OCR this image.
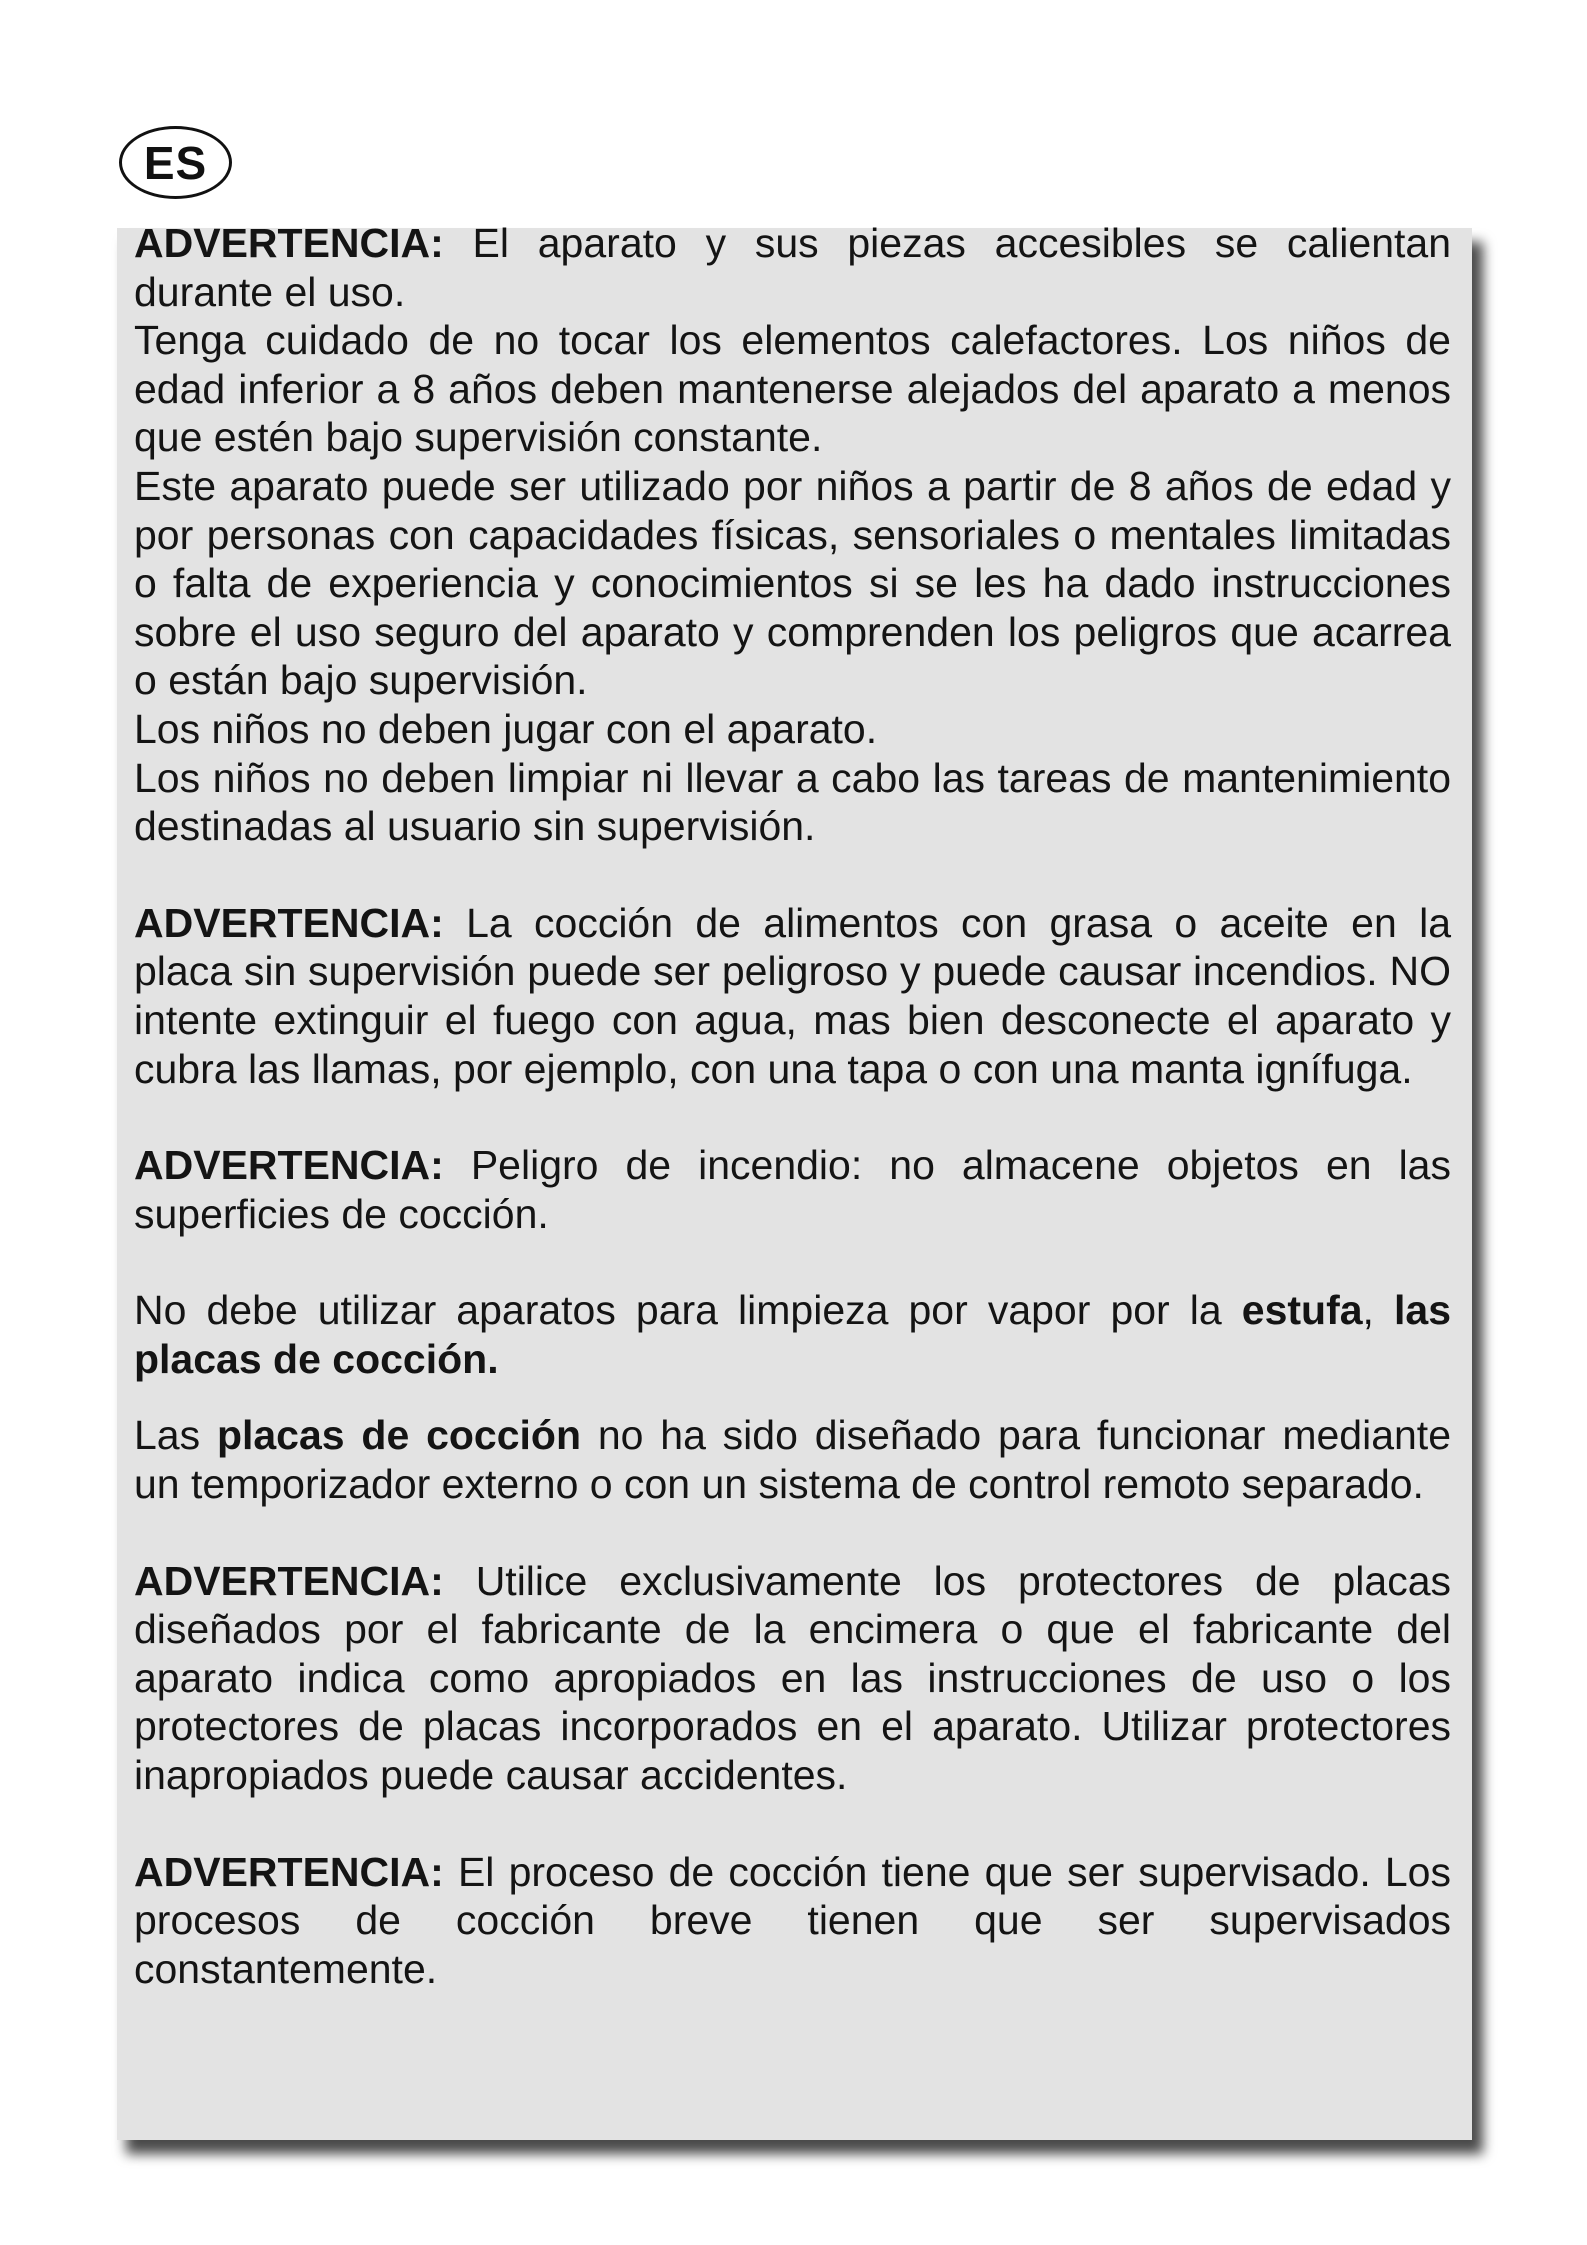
ES

ADVERTENCIA: El aparato y sus piezas accesibles se calientan durante el uso.

Tenga cuidado de no tocar los elementos calefactores. Los niños de edad inferior a 8 años deben mantenerse alejados del aparato a menos que estén bajo supervisión constante.

Este aparato puede ser utilizado por niños a partir de 8 años de edad y por personas con capacidades físicas, sensoriales o mentales limitadas o falta de experiencia y conocimientos si se les ha dado instrucciones sobre el uso seguro del aparato y comprenden los peligros que acarrea o están bajo supervisión.

Los niños no deben jugar con el aparato.

Los niños no deben limpiar ni llevar a cabo las tareas de mantenimiento destinadas al usuario sin supervisión.

ADVERTENCIA: La cocción de alimentos con grasa o aceite en la placa sin supervisión puede ser peligroso y puede causar incendios. NO intente extinguir el fuego con agua, mas bien desconecte el aparato y cubra las llamas, por ejemplo, con una tapa o con una manta ignífuga.

ADVERTENCIA: Peligro de incendio: no almacene objetos en las superficies de cocción.

No debe utilizar aparatos para limpieza por vapor por la estufa, las placas de cocción.

Las placas de cocción no ha sido diseñado para funcionar mediante un temporizador externo o con un sistema de control remoto separado.

ADVERTENCIA: Utilice exclusivamente los protectores de placas diseñados por el fabricante de la encimera o que el fabricante del aparato indica como apropiados en las instrucciones de uso o los protectores de placas incorporados en el aparato. Utilizar protectores inapropiados puede causar accidentes.

ADVERTENCIA: El proceso de cocción tiene que ser supervisado. Los procesos de cocción breve tienen que ser supervisados constantemente.
